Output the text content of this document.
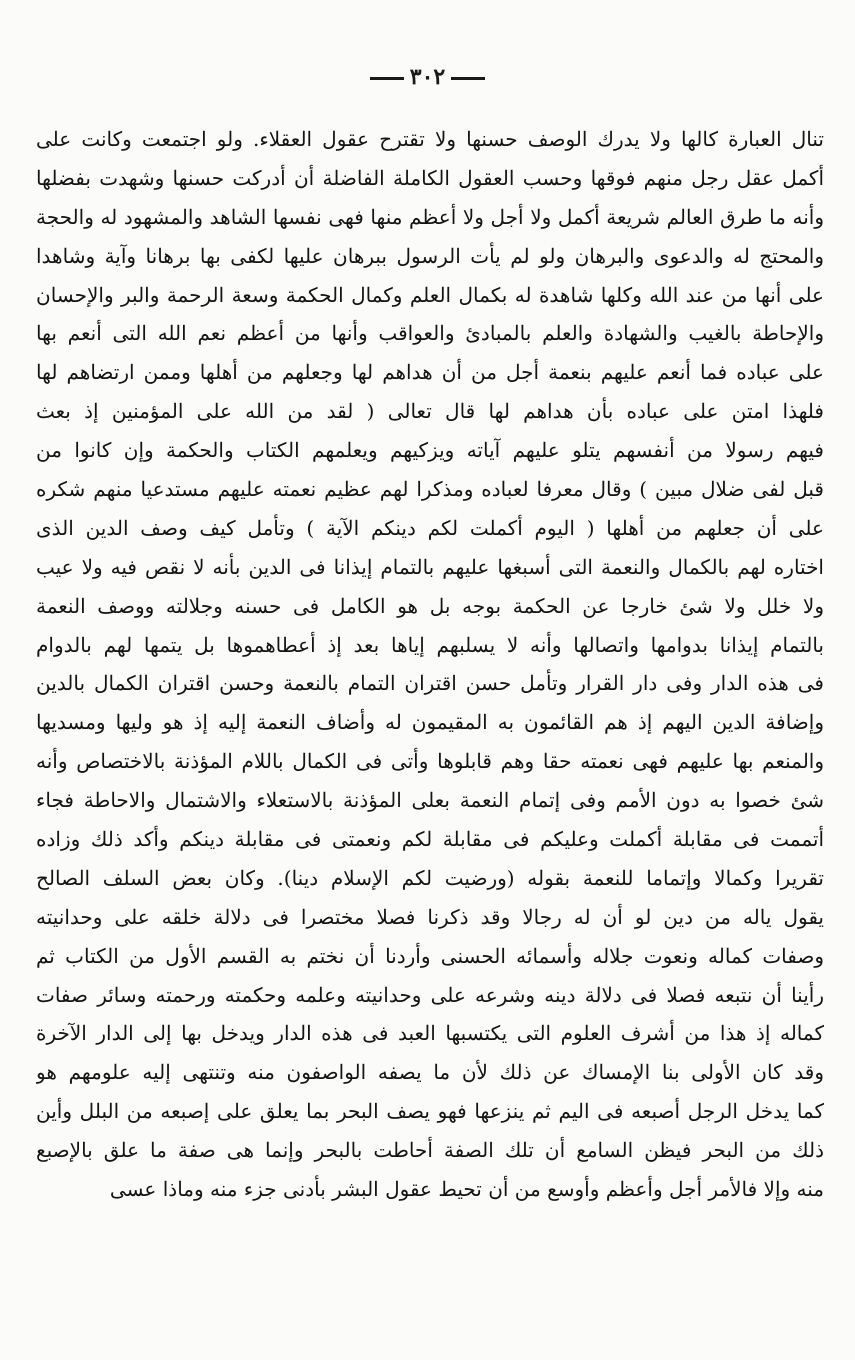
٣٠٢
تنال العبارة كالها ولا يدرك الوصف حسنها ولا تقترح عقول العقلاء. ولو اجتمعت وكانت على
أكمل عقل رجل منهم فوقها وحسب العقول الكاملة الفاضلة أن أدركت حسنها وشهدت بفضلها
وأنه ما طرق العالم شريعة أكمل ولا أجل ولا أعظم منها فهى نفسها الشاهد والمشهود له والحجة
والمحتج له والدعوى والبرهان ولو لم يأت الرسول ببرهان عليها لكفى بها برهانا وآية وشاهدا
على أنها من عند الله وكلها شاهدة له بكمال العلم وكمال الحكمة وسعة الرحمة والبر والإحسان
والإحاطة بالغيب والشهادة والعلم بالمبادئ والعواقب وأنها من أعظم نعم الله التى أنعم بها
على عباده فما أنعم عليهم بنعمة أجل من أن هداهم لها وجعلهم من أهلها وممن ارتضاهم لها
فلهذا امتن على عباده بأن هداهم لها قال تعالى ( لقد من الله على المؤمنين إذ بعث
فيهم رسولا من أنفسهم يتلو عليهم آياته ويزكيهم ويعلمهم الكتاب والحكمة وإن كانوا من
قبل لفى ضلال مبين ) وقال معرفا لعباده ومذكرا لهم عظيم نعمته عليهم مستدعيا منهم شكره
على أن جعلهم من أهلها ( اليوم أكملت لكم دينكم الآية ) وتأمل كيف وصف الدين الذى
اختاره لهم بالكمال والنعمة التى أسبغها عليهم بالتمام إيذانا فى الدين بأنه لا نقص فيه ولا عيب
ولا خلل ولا شئ خارجا عن الحكمة بوجه بل هو الكامل فى حسنه وجلالته ووصف النعمة
بالتمام إيذانا بدوامها واتصالها وأنه لا يسلبهم إياها بعد إذ أعطاهموها بل يتمها لهم بالدوام
فى هذه الدار وفى دار القرار وتأمل حسن اقتران التمام بالنعمة وحسن اقتران الكمال بالدين
وإضافة الدين اليهم إذ هم القائمون به المقيمون له وأضاف النعمة إليه إذ هو وليها ومسديها
والمنعم بها عليهم فهى نعمته حقا وهم قابلوها وأتى فى الكمال باللام المؤذنة بالاختصاص وأنه
شئ خصوا به دون الأمم وفى إتمام النعمة بعلى المؤذنة بالاستعلاء والاشتمال والاحاطة فجاء
أتممت فى مقابلة أكملت وعليكم فى مقابلة لكم ونعمتى فى مقابلة دينكم وأكد ذلك وزاده
تقريرا وكمالا وإتماما للنعمة بقوله (ورضيت لكم الإسلام دينا). وكان بعض السلف الصالح
يقول ياله من دين لو أن له رجالا وقد ذكرنا فصلا مختصرا فى دلالة خلقه على وحدانيته
وصفات كماله ونعوت جلاله وأسمائه الحسنى وأردنا أن نختم به القسم الأول من الكتاب ثم
رأينا أن نتبعه فصلا فى دلالة دينه وشرعه على وحدانيته وعلمه وحكمته ورحمته وسائر صفات
كماله إذ هذا من أشرف العلوم التى يكتسبها العبد فى هذه الدار ويدخل بها إلى الدار الآخرة
وقد كان الأولى بنا الإمساك عن ذلك لأن ما يصفه الواصفون منه وتنتهى إليه علومهم هو
كما يدخل الرجل أصبعه فى اليم ثم ينزعها فهو يصف البحر بما يعلق على إصبعه من البلل وأين
ذلك من البحر فيظن السامع أن تلك الصفة أحاطت بالبحر وإنما هى صفة ما علق بالإصبع
منه وإلا فالأمر أجل وأعظم وأوسع من أن تحيط عقول البشر بأدنى جزء منه وماذا عسى
